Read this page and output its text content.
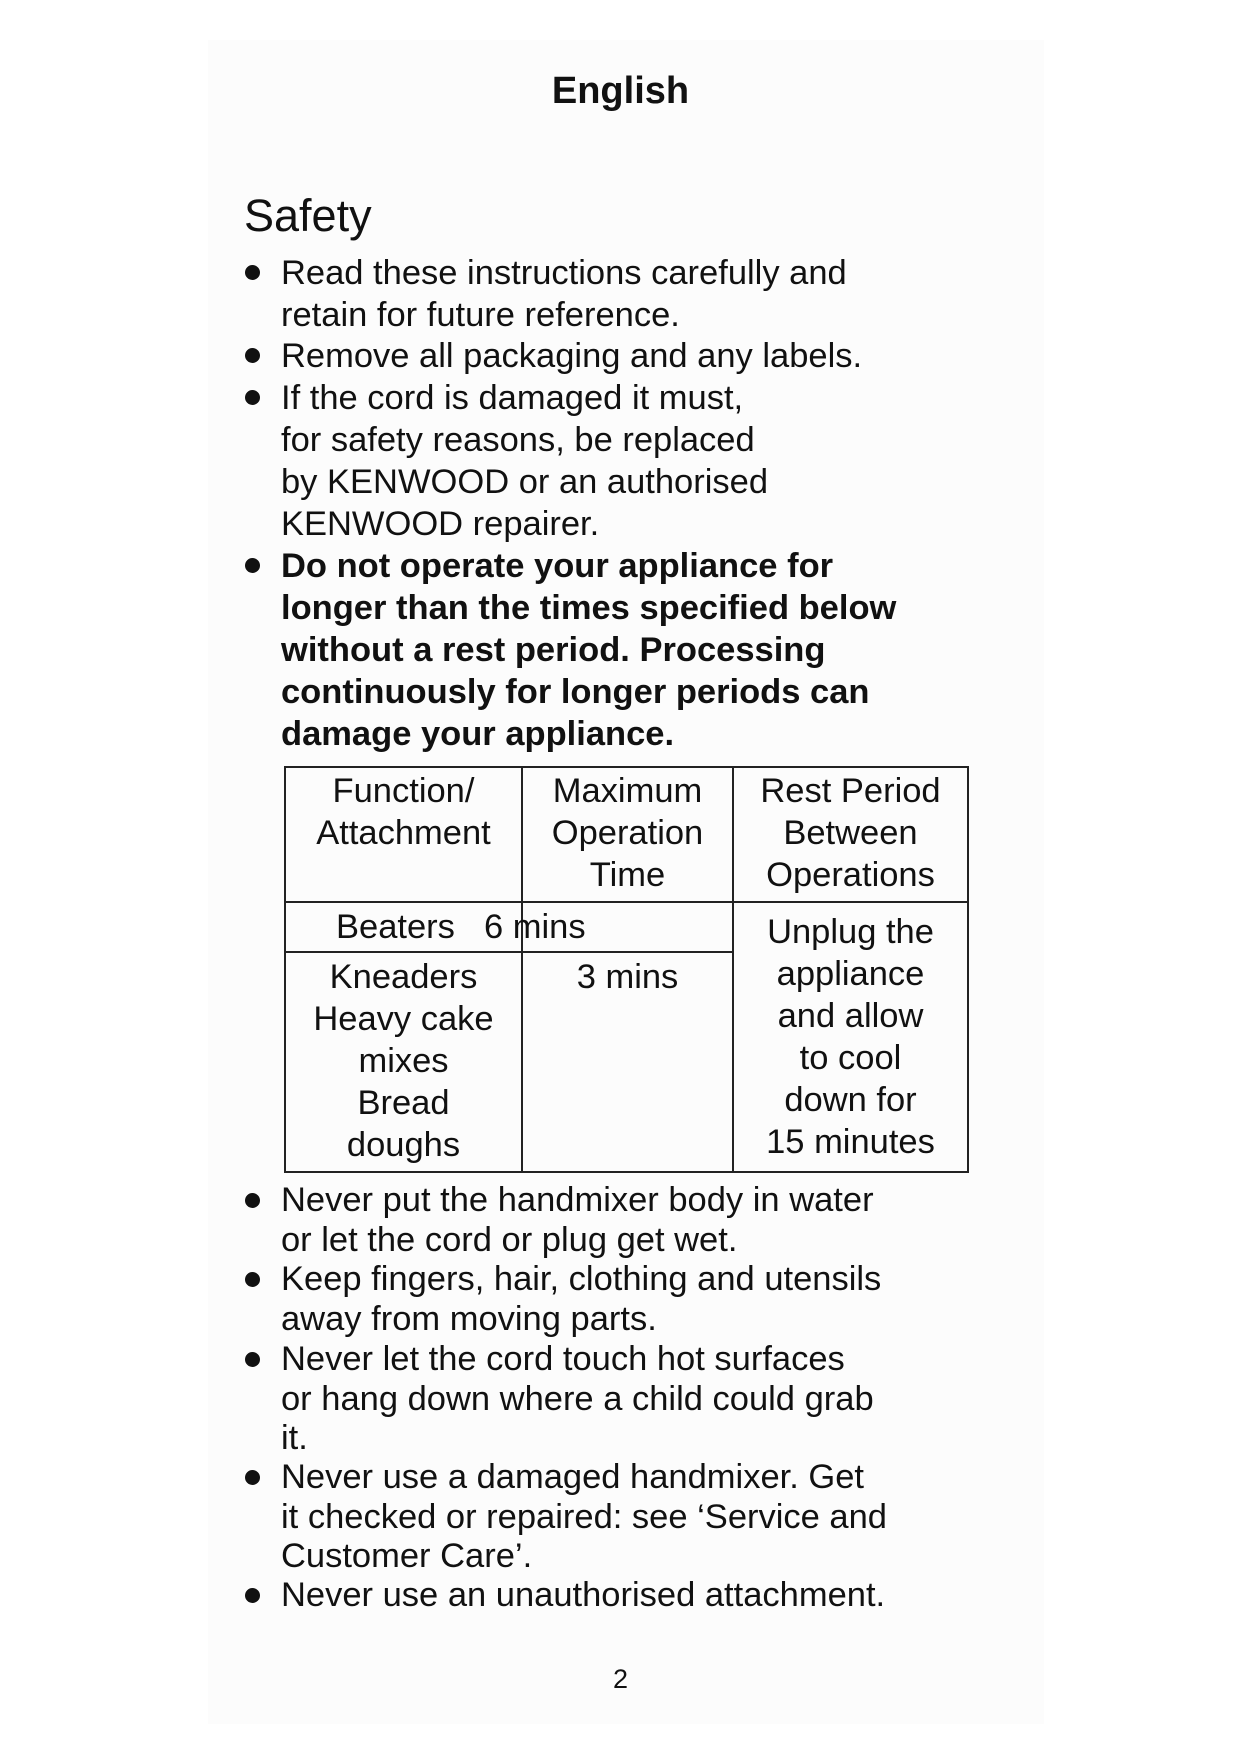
English
Safety
Read these instructions carefully and
retain for future reference.
Remove all packaging and any labels.
If the cord is damaged it must,
for safety reasons, be replaced
by KENWOOD or an authorised
KENWOOD repairer.
Do not operate your appliance for
longer than the times specified below
without a rest period. Processing
continuously for longer periods can
damage your appliance.
Function/
Attachment
Maximum
Operation
Time
Rest Period
Between
Operations
Beaters 6 mins
Kneaders
Heavy cake
mixes
Bread
doughs
3 mins
Unplug the
appliance
and allow
to cool
down for
15 minutes
Never put the handmixer body in water
or let the cord or plug get wet.
Keep fingers, hair, clothing and utensils
away from moving parts.
Never let the cord touch hot surfaces
or hang down where a child could grab
it.
Never use a damaged handmixer. Get
it checked or repaired: see ‘Service and
Customer Care’.
Never use an unauthorised attachment.
2
